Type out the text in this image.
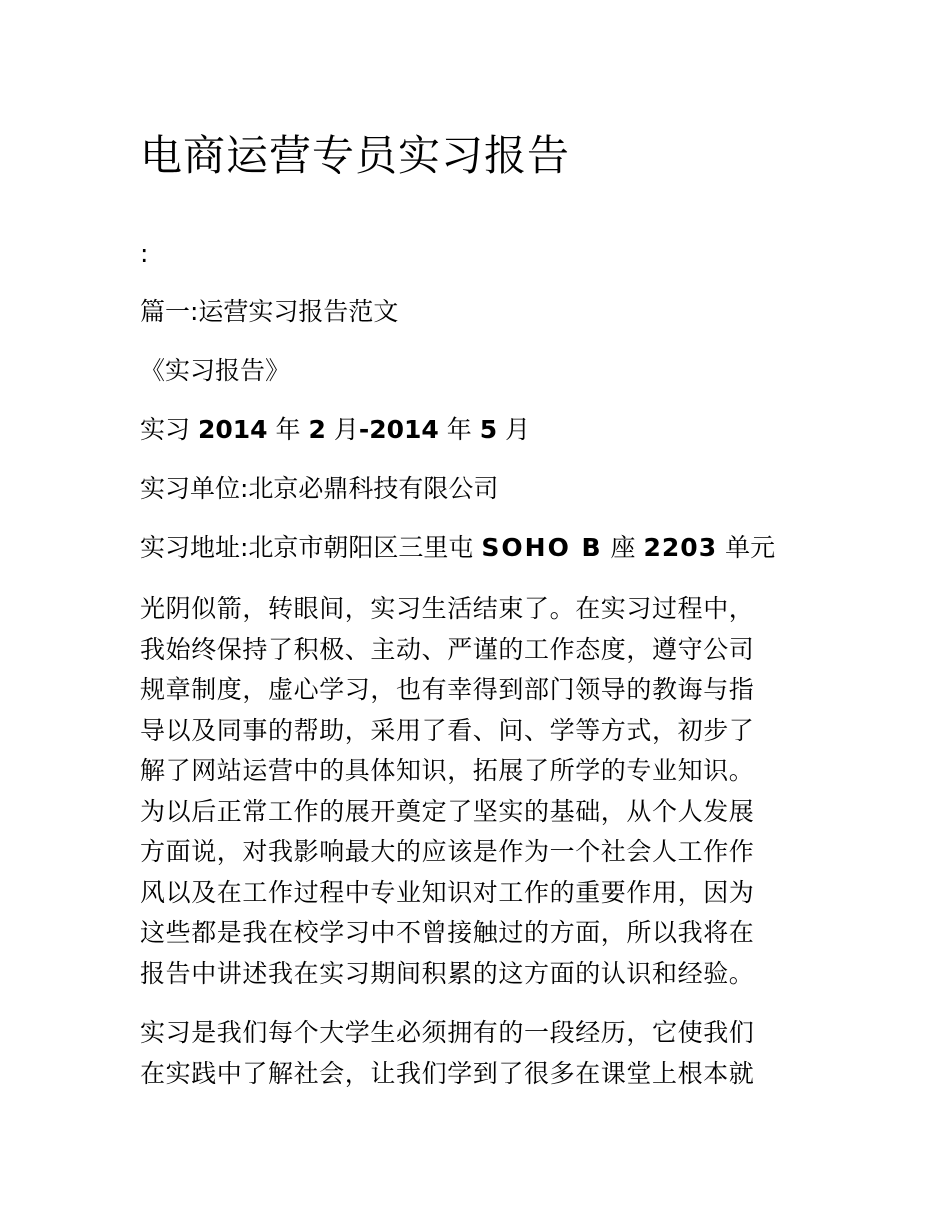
电商运营专员实习报告

:

篇一:运营实习报告范文

《实习报告》

实习 2014 年 2 月-2014 年 5 月

实习单位:北京必鼎科技有限公司

实习地址:北京市朝阳区三里屯 SOHO B 座 2203 单元

光阴似箭，转眼间，实习生活结束了。在实习过程中，
我始终保持了积极、主动、严谨的工作态度，遵守公司
规章制度，虚心学习，也有幸得到部门领导的教诲与指
导以及同事的帮助，采用了看、问、学等方式，初步了
解了网站运营中的具体知识，拓展了所学的专业知识。
为以后正常工作的展开奠定了坚实的基础，从个人发展
方面说，对我影响最大的应该是作为一个社会人工作作
风以及在工作过程中专业知识对工作的重要作用，因为
这些都是我在校学习中不曾接触过的方面，所以我将在
报告中讲述我在实习期间积累的这方面的认识和经验。
实习是我们每个大学生必须拥有的一段经历，它使我们
在实践中了解社会，让我们学到了很多在课堂上根本就
